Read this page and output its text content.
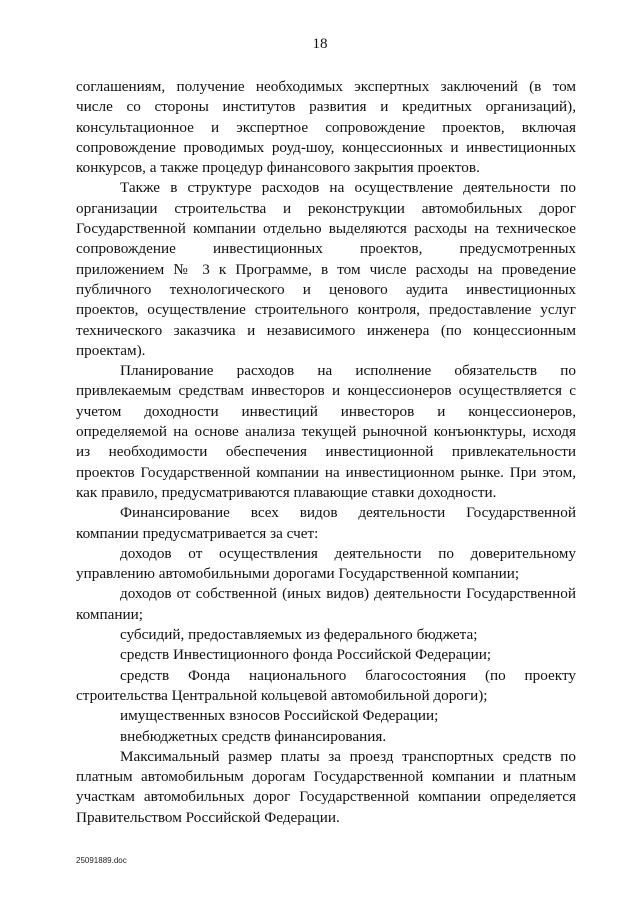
18
соглашениям, получение необходимых экспертных заключений (в том
числе со стороны институтов развития и кредитных организаций),
консультационное и экспертное сопровождение проектов, включая
сопровождение проводимых роуд-шоу, концессионных и инвестиционных
конкурсов, а также процедур финансового закрытия проектов.
Также в структуре расходов на осуществление деятельности по
организации строительства и реконструкции автомобильных дорог
Государственной компании отдельно выделяются расходы на техническое
сопровождение инвестиционных проектов, предусмотренных
приложением № 3 к Программе, в том числе расходы на проведение
публичного технологического и ценового аудита инвестиционных
проектов, осуществление строительного контроля, предоставление услуг
технического заказчика и независимого инженера (по концессионным
проектам).
Планирование расходов на исполнение обязательств по
привлекаемым средствам инвесторов и концессионеров осуществляется с
учетом доходности инвестиций инвесторов и концессионеров,
определяемой на основе анализа текущей рыночной конъюнктуры, исходя
из необходимости обеспечения инвестиционной привлекательности
проектов Государственной компании на инвестиционном рынке. При этом,
как правило, предусматриваются плавающие ставки доходности.
Финансирование всех видов деятельности Государственной
компании предусматривается за счет:
доходов от осуществления деятельности по доверительному
управлению автомобильными дорогами Государственной компании;
доходов от собственной (иных видов) деятельности Государственной
компании;
субсидий, предоставляемых из федерального бюджета;
средств Инвестиционного фонда Российской Федерации;
средств Фонда национального благосостояния (по проекту
строительства Центральной кольцевой автомобильной дороги);
имущественных взносов Российской Федерации;
внебюджетных средств финансирования.
Максимальный размер платы за проезд транспортных средств по
платным автомобильным дорогам Государственной компании и платным
участкам автомобильных дорог Государственной компании определяется
Правительством Российской Федерации.
25091889.doc
